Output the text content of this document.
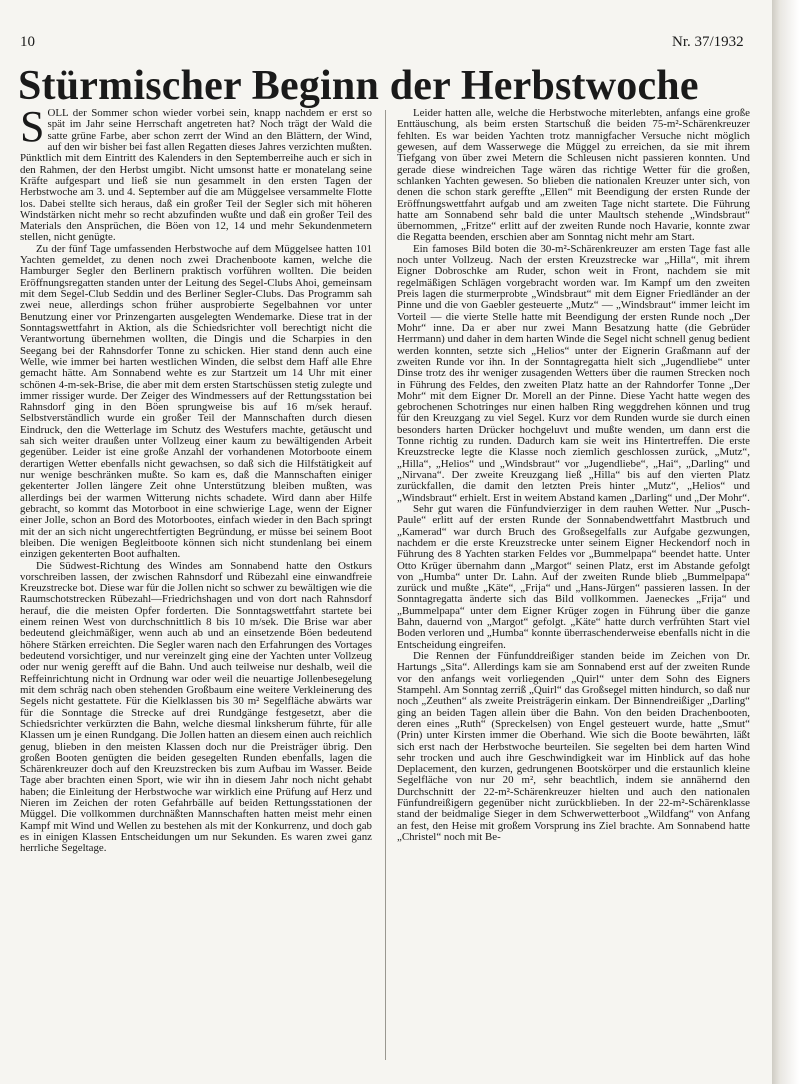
10	Nr. 37/1932
Stürmischer Beginn der Herbstwoche

SOLL der Sommer schon wieder vorbei sein, knapp nachdem er erst so spät im Jahr seine Herrschaft angetreten hat? Noch trägt der Wald die satte grüne Farbe, aber schon zerrt der Wind an den Blättern, der Wind, auf den wir bisher bei fast allen Regatten dieses Jahres verzichten mußten. Pünktlich mit dem Eintritt des Kalenders in den Septemberreihe auch er sich in den Rahmen, der den Herbst umgibt. Nicht umsonst hatte er monatelang seine Kräfte aufgespart und ließ sie nun gesammelt in den ersten Tagen der Herbstwoche am 3. und 4. September auf die am Müggelsee versammelte Flotte los. Dabei stellte sich heraus, daß ein großer Teil der Segler sich mit höheren Windstärken nicht mehr so recht abzufinden wußte und daß ein großer Teil des Materials den Ansprüchen, die Böen von 12, 14 und mehr Sekundenmetern stellen, nicht genügte.

Zu der fünf Tage umfassenden Herbstwoche auf dem Müggelsee hatten 101 Yachten gemeldet, zu denen noch zwei Drachenboote kamen, welche die Hamburger Segler den Berlinern praktisch vorführen wollten. Die beiden Eröffnungsregatten standen unter der Leitung des Segel-Clubs Ahoi, gemeinsam mit dem Segel-Club Seddin und des Berliner Segler-Clubs. Das Programm sah zwei neue, allerdings schon früher ausprobierte Segelbahnen vor unter Benutzung einer vor Prinzengarten ausgelegten Wendemarke. Diese trat in der Sonntagswettfahrt in Aktion, als die Schiedsrichter voll berechtigt nicht die Verantwortung übernehmen wollten, die Dingis und die Scharpies in den Seegang bei der Rahnsdorfer Tonne zu schicken. Hier stand denn auch eine Welle, wie immer bei harten westlichen Winden, die selbst dem Haff alle Ehre gemacht hätte. Am Sonnabend wehte es zur Startzeit um 14 Uhr mit einer schönen 4-m-sek-Brise, die aber mit dem ersten Startschüssen stetig zulegte und immer rissiger wurde. Der Zeiger des Windmessers auf der Rettungsstation bei Rahnsdorf ging in den Böen sprungweise bis auf 16 m/sek herauf. Selbstverständlich wurde ein großer Teil der Mannschaften durch diesen Eindruck, den die Wetterlage im Schutz des Westufers machte, getäuscht und sah sich weiter draußen unter Vollzeug einer kaum zu bewältigenden Arbeit gegenüber. Leider ist eine große Anzahl der vorhandenen Motorboote einem derartigen Wetter ebenfalls nicht gewachsen, so daß sich die Hilfstätigkeit auf nur wenige beschränken mußte. So kam es, daß die Mannschaften einiger gekenterter Jollen längere Zeit ohne Unterstützung bleiben mußten, was allerdings bei der warmen Witterung nichts schadete. Wird dann aber Hilfe gebracht, so kommt das Motorboot in eine schwierige Lage, wenn der Eigner einer Jolle, schon an Bord des Motorbootes, einfach wieder in den Bach springt mit der an sich nicht ungerechtfertigten Begründung, er müsse bei seinem Boot bleiben. Die wenigen Begleitboote können sich nicht stundenlang bei einem einzigen gekenterten Boot aufhalten.

Die Südwest-Richtung des Windes am Sonnabend hatte den Ostkurs vorschreiben lassen, der zwischen Rahnsdorf und Rübezahl eine einwandfreie Kreuzstrecke bot. Diese war für die Jollen nicht so schwer zu bewältigen wie die Raumschotstrecken Rübezahl—Friedrichshagen und von dort nach Rahnsdorf herauf, die die meisten Opfer forderten. Die Sonntagswettfahrt startete bei einem reinen West von durchschnittlich 8 bis 10 m/sek. Die Brise war aber bedeutend gleichmäßiger, wenn auch ab und an einsetzende Böen bedeutend höhere Stärken erreichten. Die Segler waren nach den Erfahrungen des Vortages bedeutend vorsichtiger, und nur vereinzelt ging eine der Yachten unter Vollzeug oder nur wenig gerefft auf die Bahn. Und auch teilweise nur deshalb, weil die Reffeinrichtung nicht in Ordnung war oder weil die neuartige Jollenbesegelung mit dem schräg nach oben stehenden Großbaum eine weitere Verkleinerung des Segels nicht gestattete. Für die Kielklassen bis 30 m² Segelfläche abwärts war für die Sonntage die Strecke auf drei Rundgänge festgesetzt, aber die Schiedsrichter verkürzten die Bahn, welche diesmal linksherum führte, für alle Klassen um je einen Rundgang. Die Jollen hatten an diesem einen auch reichlich genug, blieben in den meisten Klassen doch nur die Preisträger übrig. Den großen Booten genügten die beiden gesegelten Runden ebenfalls, lagen die Schärenkreuzer doch auf den Kreuzstrecken bis zum Aufbau im Wasser. Beide Tage aber brachten einen Sport, wie wir ihn in diesem Jahr noch nicht gehabt haben; die Einleitung der Herbstwoche war wirklich eine Prüfung auf Herz und Nieren im Zeichen der roten Gefahrbälle auf beiden Rettungsstationen der Müggel. Die vollkommen durchnäßten Mannschaften hatten meist mehr einen Kampf mit Wind und Wellen zu bestehen als mit der Konkurrenz, und doch gab es in einigen Klassen Entscheidungen um nur Sekunden. Es waren zwei ganz herrliche Segeltage.

Leider hatten alle, welche die Herbstwoche miterlebten, anfangs eine große Enttäuschung, als beim ersten Startschuß die beiden 75-m²-Schärenkreuzer fehlten. Es war beiden Yachten trotz mannigfacher Versuche nicht möglich gewesen, auf dem Wasserwege die Müggel zu erreichen, da sie mit ihrem Tiefgang von über zwei Metern die Schleusen nicht passieren konnten. Und gerade diese windreichen Tage wären das richtige Wetter für die großen, schlanken Yachten gewesen. So blieben die nationalen Kreuzer unter sich, von denen die schon stark gereffte „Ellen“ mit Beendigung der ersten Runde der Eröffnungswettfahrt aufgab und am zweiten Tage nicht startete. Die Führung hatte am Sonnabend sehr bald die unter Maultsch stehende „Windsbraut“ übernommen, „Fritze“ erlitt auf der zweiten Runde noch Havarie, konnte zwar die Regatta beenden, erschien aber am Sonntag nicht mehr am Start.

Ein famoses Bild boten die 30-m²-Schärenkreuzer am ersten Tage fast alle noch unter Vollzeug. Nach der ersten Kreuzstrecke war „Hilla“, mit ihrem Eigner Dobroschke am Ruder, schon weit in Front, nachdem sie mit regelmäßigen Schlägen vorgebracht worden war. Im Kampf um den zweiten Preis lagen die sturmerprobte „Windsbraut“ mit dem Eigner Friedländer an der Pinne und die von Gaebler gesteuerte „Mutz“ — „Windsbraut“ immer leicht im Vorteil — die vierte Stelle hatte mit Beendigung der ersten Runde noch „Der Mohr“ inne. Da er aber nur zwei Mann Besatzung hatte (die Gebrüder Herrmann) und daher in dem harten Winde die Segel nicht schnell genug bedient werden konnten, setzte sich „Helios“ unter der Eignerin Graßmann auf der zweiten Runde vor ihn. In der Sonntagregatta hielt sich „Jugendliebe“ unter Dinse trotz des ihr weniger zusagenden Wetters über die raumen Strecken noch in Führung des Feldes, den zweiten Platz hatte an der Rahndorfer Tonne „Der Mohr“ mit dem Eigner Dr. Morell an der Pinne. Diese Yacht hatte wegen des gebrochenen Schotringes nur einen halben Ring weggdrehen können und trug für den Kreuzgang zu viel Segel. Kurz vor dem Runden wurde sie durch einen besonders harten Drücker hochgeluvt und mußte wenden, um dann erst die Tonne richtig zu runden. Dadurch kam sie weit ins Hintertreffen. Die erste Kreuzstrecke legte die Klasse noch ziemlich geschlossen zurück, „Mutz“, „Hilla“, „Helios“ und „Windsbraut“ vor „Jugendliebe“, „Hai“, „Darling“ und „Nirvana“. Der zweite Kreuzgang ließ „Hilla“ bis auf den vierten Platz zurückfallen, die damit den letzten Preis hinter „Mutz“, „Helios“ und „Windsbraut“ erhielt. Erst in weitem Abstand kamen „Darling“ und „Der Mohr“.

Sehr gut waren die Fünfundvierziger in dem rauhen Wetter. Nur „Pusch-Paule“ erlitt auf der ersten Runde der Sonnabendwettfahrt Mastbruch und „Kamerad“ war durch Bruch des Großsegelfalls zur Aufgabe gezwungen, nachdem er die erste Kreuzstrecke unter seinem Eigner Heckendorf noch in Führung des 8 Yachten starken Feldes vor „Bummelpapa“ beendet hatte. Unter Otto Krüger übernahm dann „Margot“ seinen Platz, erst im Abstande gefolgt von „Humba“ unter Dr. Lahn. Auf der zweiten Runde blieb „Bummelpapa“ zurück und mußte „Käte“, „Frija“ und „Hans-Jürgen“ passieren lassen. In der Sonntagregatta änderte sich das Bild vollkommen. Jaeneckes „Frija“ und „Bummelpapa“ unter dem Eigner Krüger zogen in Führung über die ganze Bahn, dauernd von „Margot“ gefolgt. „Käte“ hatte durch verfrühten Start viel Boden verloren und „Humba“ konnte überraschenderweise ebenfalls nicht in die Entscheidung eingreifen.

Die Rennen der Fünfunddreißiger standen beide im Zeichen von Dr. Hartungs „Sita“. Allerdings kam sie am Sonnabend erst auf der zweiten Runde vor den anfangs weit vorliegenden „Quirl“ unter dem Sohn des Eigners Stampehl. Am Sonntag zerriß „Quirl“ das Großsegel mitten hindurch, so daß nur noch „Zeuthen“ als zweite Preisträgerin einkam. Der Binnendreißiger „Darling“ ging an beiden Tagen allein über die Bahn. Von den beiden Drachenbooten, deren eines „Ruth“ (Spreckelsen) von Engel gesteuert wurde, hatte „Smut“ (Prin) unter Kirsten immer die Oberhand. Wie sich die Boote bewährten, läßt sich erst nach der Herbstwoche beurteilen. Sie segelten bei dem harten Wind sehr trocken und auch ihre Geschwindigkeit war im Hinblick auf das hohe Deplacement, den kurzen, gedrungenen Bootskörper und die erstaunlich kleine Segelfläche von nur 20 m², sehr beachtlich, indem sie annähernd den Durchschnitt der 22-m²-Schärenkreuzer hielten und auch den nationalen Fünfundreißigern gegenüber nicht zurückblieben. In der 22-m²-Schärenklasse stand der beidmalige Sieger in dem Schwerwetterboot „Wildfang“ von Anfang an fest, den Heise mit großem Vorsprung ins Ziel brachte. Am Sonnabend hatte „Christel“ noch mit Be-
